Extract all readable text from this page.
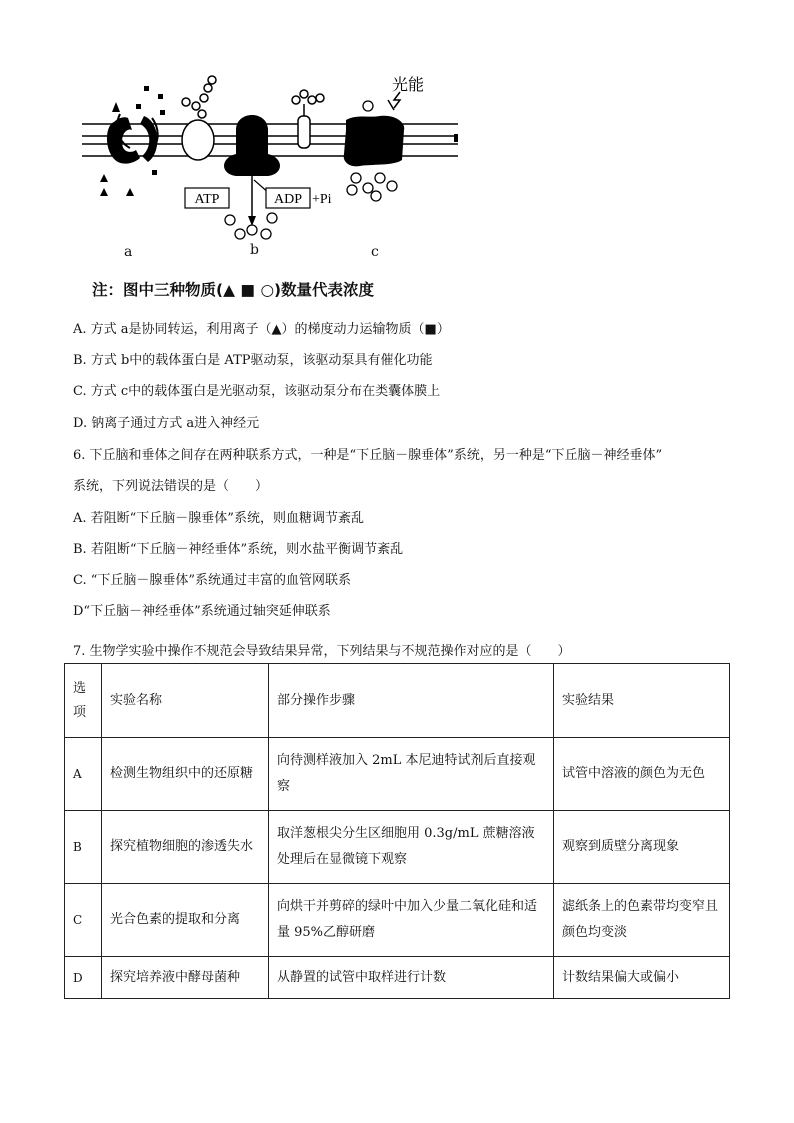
ATP	ADP +Pi
光能
a	b	c
注：图中三种物质(▲ ■ ○)数量代表浓度
A. 方式 a是协同转运，利用离子（▲）的梯度动力运输物质（■）
B. 方式 b中的载体蛋白是 ATP驱动泵，该驱动泵具有催化功能
C. 方式 c中的载体蛋白是光驱动泵，该驱动泵分布在类囊体膜上
D. 钠离子通过方式 a进入神经元
6. 下丘脑和垂体之间存在两种联系方式，一种是“下丘脑－腺垂体”系统，另一种是“下丘脑－神经垂体”
系统，下列说法错误的是（　　）
A. 若阻断“下丘脑－腺垂体”系统，则血糖调节紊乱
B. 若阻断“下丘脑－神经垂体”系统，则水盐平衡调节紊乱
C. “下丘脑－腺垂体”系统通过丰富的血管网联系
D“下丘脑－神经垂体”系统通过轴突延伸联系
7. 生物学实验中操作不规范会导致结果异常，下列结果与不规范操作对应的是（　　）
选项	实验名称	部分操作步骤	实验结果
A	检测生物组织中的还原糖	向待测样液加入 2mL 本尼迪特试剂后直接观察	试管中溶液的颜色为无色
B	探究植物细胞的渗透失水	取洋葱根尖分生区细胞用 0.3g/mL 蔗糖溶液处理后在显微镜下观察	观察到质壁分离现象
C	光合色素的提取和分离	向烘干并剪碎的绿叶中加入少量二氧化硅和适量 95%乙醇研磨	滤纸条上的色素带均变窄且颜色均变淡
D	探究培养液中酵母菌种	从静置的试管中取样进行计数	计数结果偏大或偏小
